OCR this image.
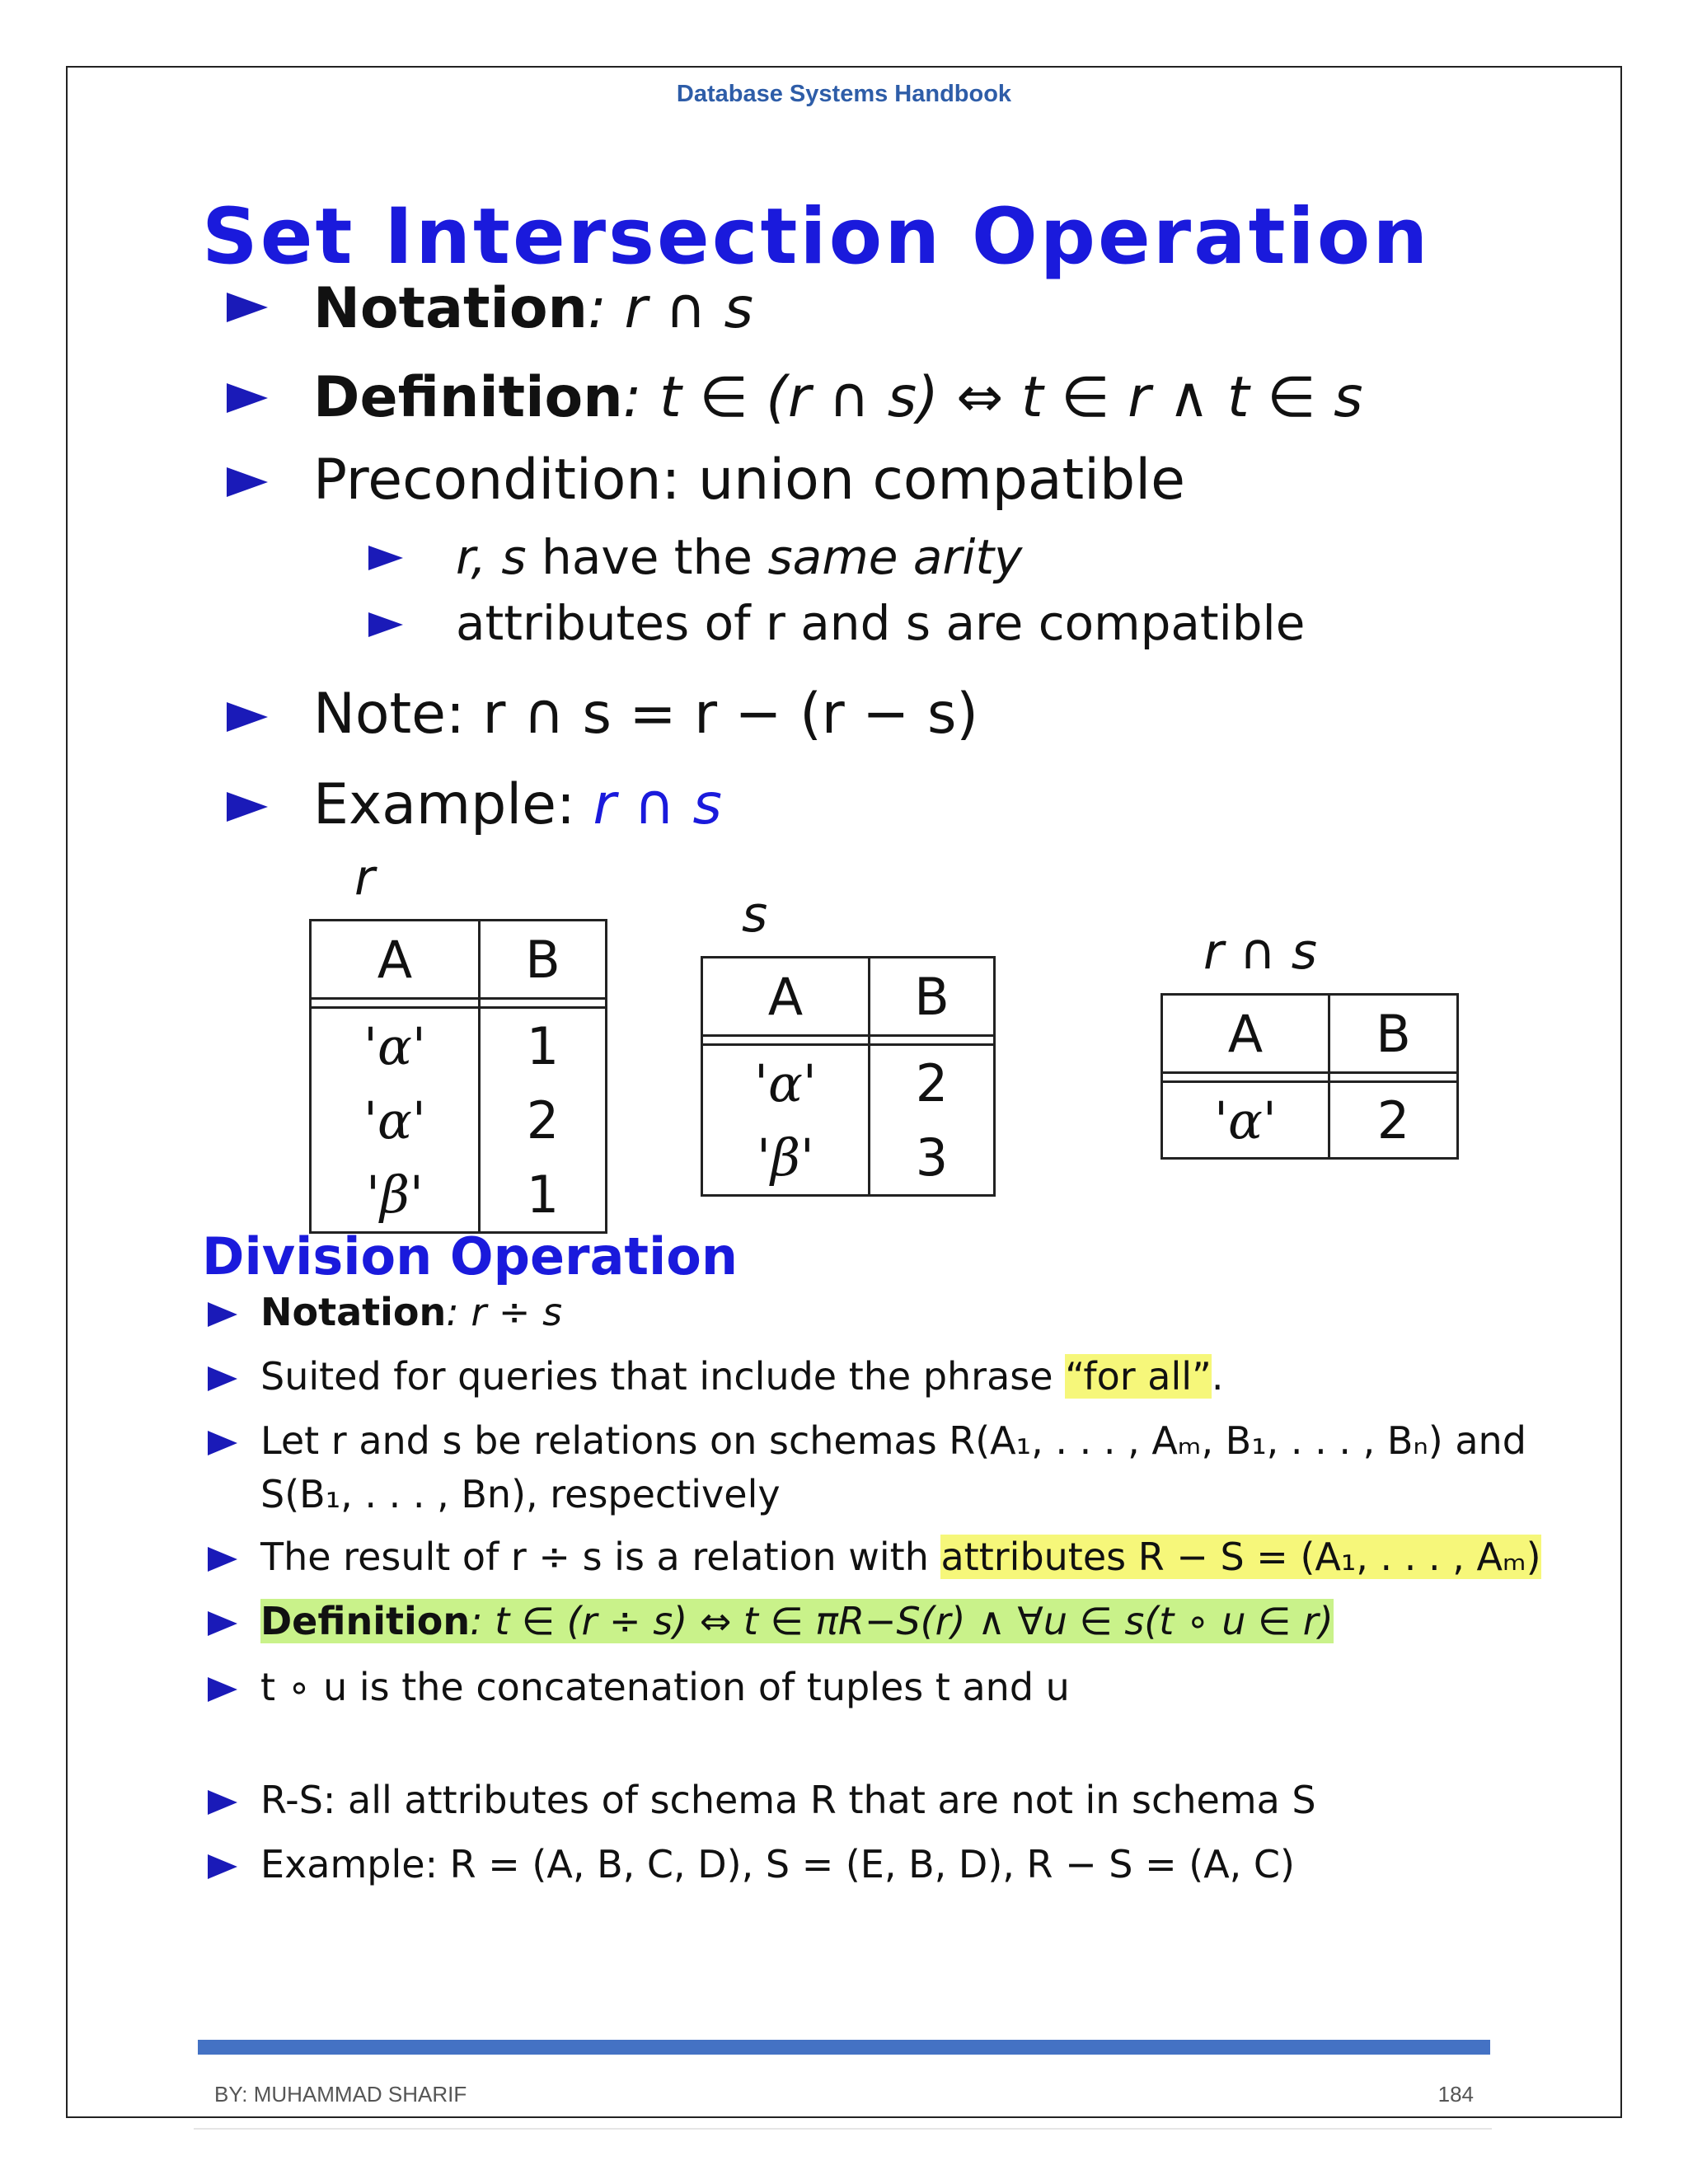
Database Systems Handbook
Set Intersection Operation
Notation: r ∩ s
Definition: t ∈ (r ∩ s) ⇔ t ∈ r ∧ t ∈ s
Precondition: union compatible
r, s have the same arity
attributes of r and s are compatible
Note: r ∩ s = r − (r − s)
Example: r ∩ s
r
A	B

'α'	1
'α'	2
'β'	1
s
A	B

'α'	2
'β'	3
r ∩ s
A	B

'α'	2
Division Operation
Notation: r ÷ s
Suited for queries that include the phrase “for all”.
Let r and s be relations on schemas R(A₁, . . . , Aₘ, B₁, . . . , Bₙ) and
S(B₁, . . . , Bn), respectively
The result of r ÷ s is a relation with attributes R − S = (A₁, . . . , Aₘ)
Definition: t ∈ (r ÷ s) ⇔ t ∈ πR−S(r) ∧ ∀u ∈ s(t ∘ u ∈ r)
t ∘ u is the concatenation of tuples t and u
R-S: all attributes of schema R that are not in schema S
Example: R = (A, B, C, D), S = (E, B, D), R − S = (A, C)
BY: MUHAMMAD SHARIF	184
